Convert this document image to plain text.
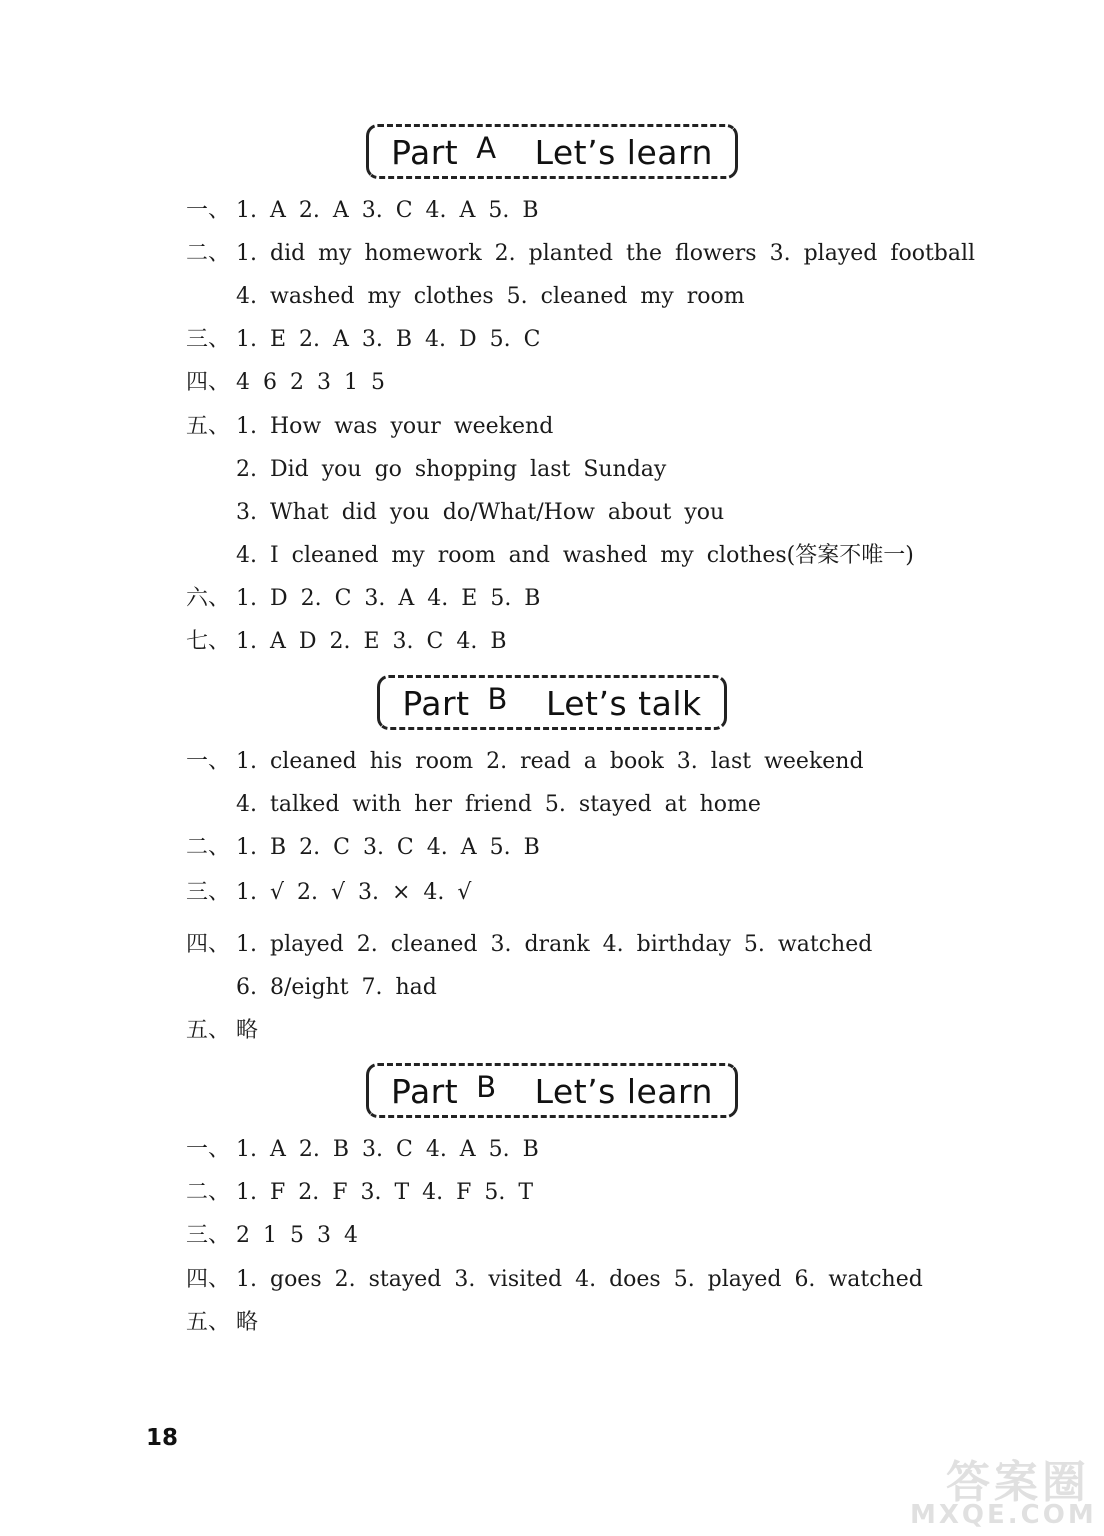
Part A Let’s learn
一、 1. A 2. A 3. C 4. A 5. B
二、 1. did my homework 2. planted the flowers 3. played football
4. washed my clothes 5. cleaned my room
三、 1. E 2. A 3. B 4. D 5. C
四、 4 6 2 3 1 5
五、 1. How was your weekend
2. Did you go shopping last Sunday
3. What did you do/What/How about you
4. I cleaned my room and washed my clothes(答案不唯一)
六、 1. D 2. C 3. A 4. E 5. B
七、 1. A D 2. E 3. C 4. B
Part B Let’s talk
一、 1. cleaned his room 2. read a book 3. last weekend
4. talked with her friend 5. stayed at home
二、 1. B 2. C 3. C 4. A 5. B
三、 1. √ 2. √ 3. × 4. √
四、 1. played 2. cleaned 3. drank 4. birthday 5. watched
6. 8/eight 7. had
五、 略
Part B Let’s learn
一、 1. A 2. B 3. C 4. A 5. B
二、 1. F 2. F 3. T 4. F 5. T
三、 2 1 5 3 4
四、 1. goes 2. stayed 3. visited 4. does 5. played 6. watched
五、 略
18
答案圈
MXQE.COM
